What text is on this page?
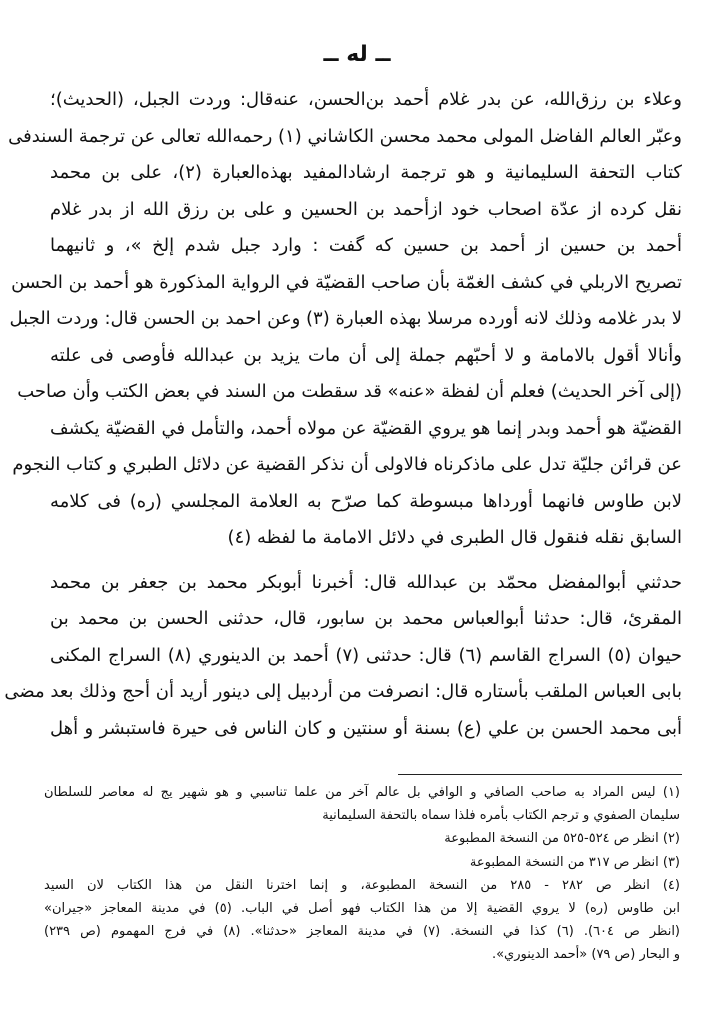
ــ له ــ
وعلاء بن رزق‌الله، عن بدر غلام أحمد بن‌الحسن، عنه‌قال: وردت الجبل، (الحديث)؛
وعبّر العالم الفاضل المولى محمد محسن الكاشاني (١) رحمه‌الله تعالى عن ترجمة السندفى
كتاب التحفة السليمانية و هو ترجمة ارشادالمفيد بهذه‌العبارة (٢)، على بن محمد
نقل كرده از عدّة اصحاب خود ازأحمد بن الحسين و على بن رزق الله از بدر غلام
أحمد بن حسين از أحمد بن حسين كه گفت : وارد جبل شدم إلخ »، و ثانيهما
تصريح الاربلي في كشف الغمّة بأن صاحب القضيّة في الرواية المذكورة هو أحمد بن الحسن
لا بدر غلامه وذلك لانه أورده مرسلا بهذه العبارة (٣) وعن احمد بن الحسن قال: وردت الجبل
وأنالا أقول بالامامة و لا أحبّهم جملة إلى أن مات يزيد بن عبدالله فأوصى فى علته
(إلى آخر الحديث) فعلم أن لفظة «عنه» قد سقطت من السند في بعض الكتب وأن صاحب
القضيّة هو أحمد وبدر إنما هو يروي القضيّة عن مولاه أحمد، والتأمل في القضيّة يكشف
عن قرائن جليّة تدل على ماذكرناه فالاولى أن نذكر القضية عن دلائل الطبري و كتاب النجوم
لابن طاوس فانهما أورداها مبسوطة كما صرّح به العلامة المجلسي (ره) فى كلامه
السابق نقله فنقول قال الطبرى في دلائل الامامة ما لفظه (٤)
حدثني أبوالمفضل محمّد بن عبدالله قال: أخبرنا أبوبكر محمد بن جعفر بن محمد
المقرئ، قال: حدثنا أبوالعباس محمد بن سابور، قال، حدثنى الحسن بن محمد بن
حيوان (٥) السراج القاسم (٦) قال: حدثنى (٧) أحمد بن الدينوري (٨) السراج المكنى
بابى العباس الملقب بأستاره قال: انصرفت من أردبيل إلى دينور أريد أن أحج وذلك بعد مضى
أبى محمد الحسن بن علي (ع) بسنة أو سنتين و كان الناس فى حيرة فاستبشر و أهل
(١) ليس المراد به صاحب الصافي و الوافي بل عالم آخر من علما تناسبي و هو شهير يج له معاصر للسلطان
سليمان الصفوي و ترجم الكتاب بأمره فلذا سماه بالتحفة السليمانية
(٢) انظر ص ٥٢٤-٥٢٥ من النسخة المطبوعة
(٣) انظر ص ٣١٧ من النسخة المطبوعة
(٤) انظر ص ٢٨٢ - ٢٨٥ من النسخة المطبوعة، و إنما اخترنا النقل من هذا الكتاب لان السيد
ابن طاوس (ره) لا يروي القضية إلا من هذا الكتاب فهو أصل في الباب. (٥) في مدينة المعاجز «جيران»
(انظر ص ٦٠٤). (٦) كذا في النسخة. (٧) في مدينة المعاجز «حدثنا». (٨) في فرج المهموم (ص ٢٣٩)
و البحار (ص ٧٩) «أحمد الدينوري».
